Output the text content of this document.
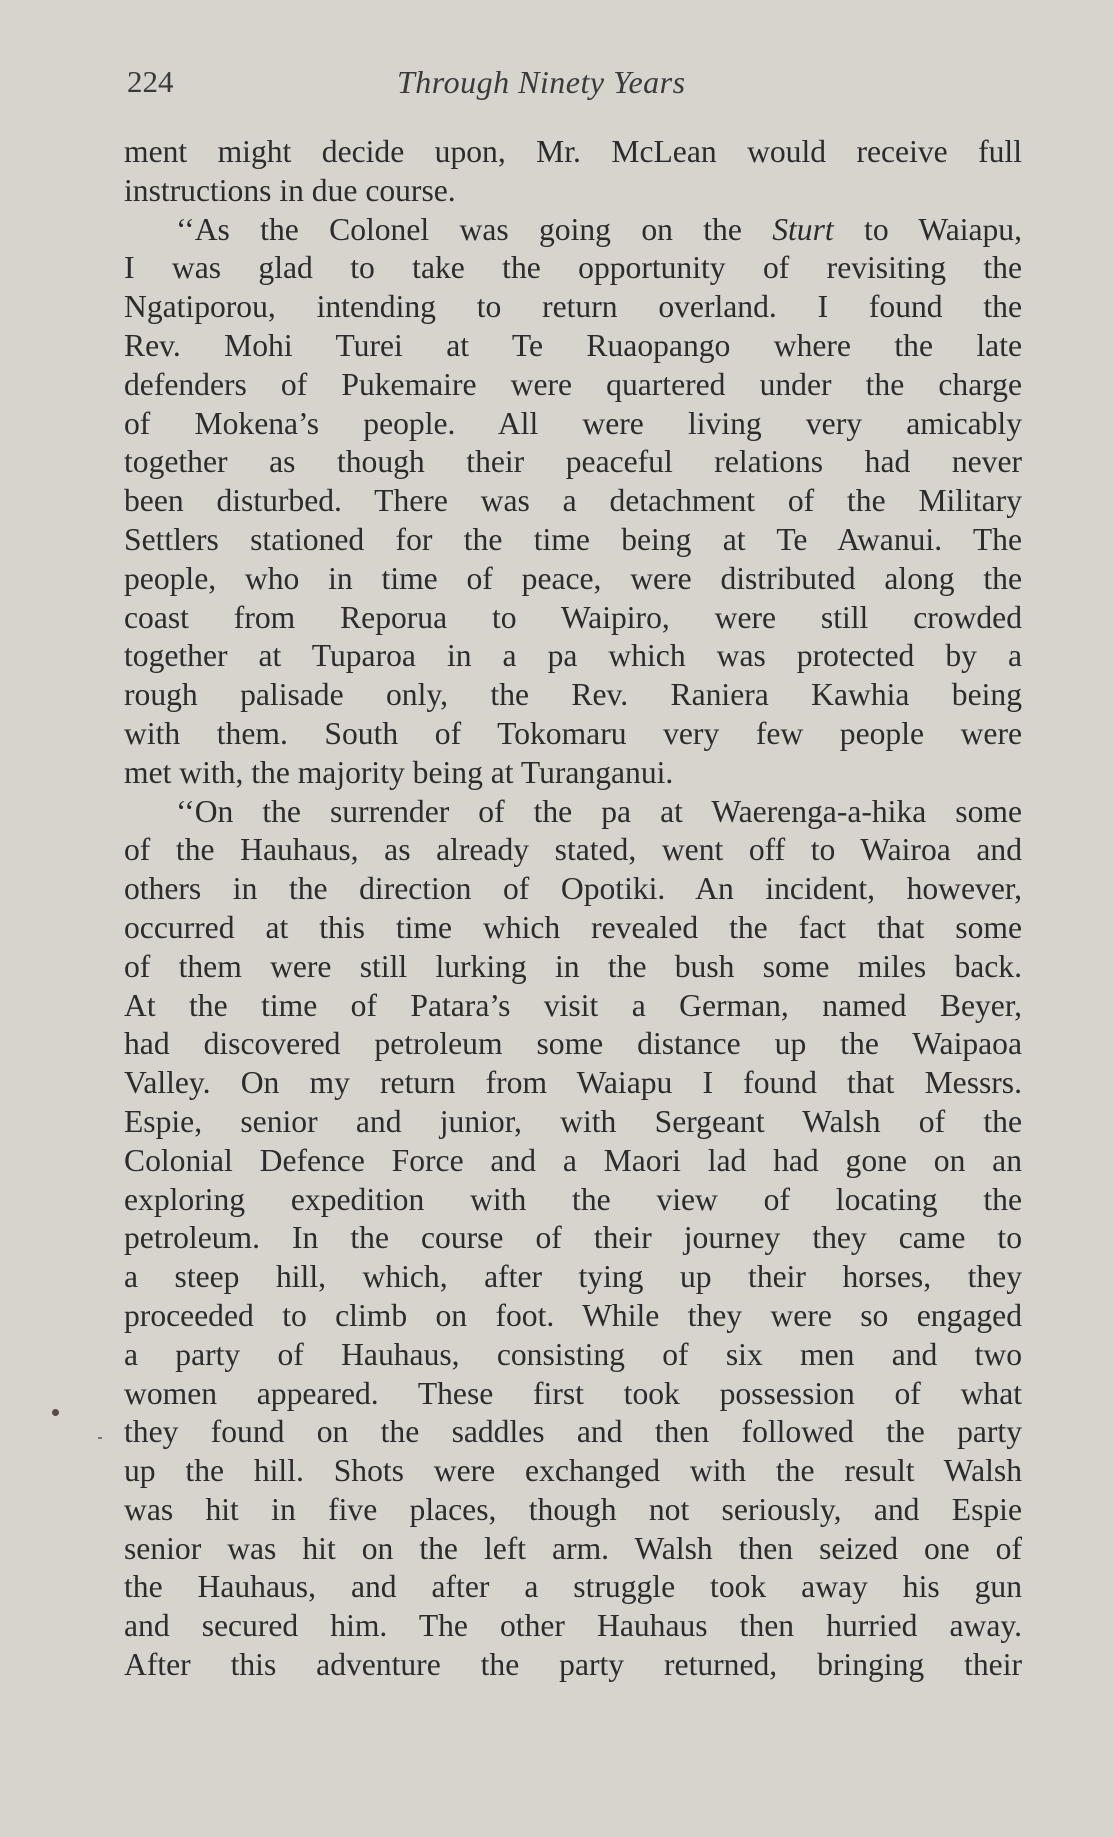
224	Through Ninety Years
ment might decide upon, Mr. McLean would receive full
instructions in due course.
‘‘As the Colonel was going on the Sturt to Waiapu,
I was glad to take the opportunity of revisiting the
Ngatiporou, intending to return overland. I found the
Rev. Mohi Turei at Te Ruaopango where the late
defenders of Pukemaire were quartered under the charge
of Mokena’s people. All were living very amicably
together as though their peaceful relations had never
been disturbed. There was a detachment of the Military
Settlers stationed for the time being at Te Awanui. The
people, who in time of peace, were distributed along the
coast from Reporua to Waipiro, were still crowded
together at Tuparoa in a pa which was protected by a
rough palisade only, the Rev. Raniera Kawhia being
with them. South of Tokomaru very few people were
met with, the majority being at Turanganui.
‘‘On the surrender of the pa at Waerenga-a-hika some
of the Hauhaus, as already stated, went off to Wairoa and
others in the direction of Opotiki. An incident, however,
occurred at this time which revealed the fact that some
of them were still lurking in the bush some miles back.
At the time of Patara’s visit a German, named Beyer,
had discovered petroleum some distance up the Waipaoa
Valley. On my return from Waiapu I found that Messrs.
Espie, senior and junior, with Sergeant Walsh of the
Colonial Defence Force and a Maori lad had gone on an
exploring expedition with the view of locating the
petroleum. In the course of their journey they came to
a steep hill, which, after tying up their horses, they
proceeded to climb on foot. While they were so engaged
a party of Hauhaus, consisting of six men and two
women appeared. These first took possession of what
they found on the saddles and then followed the party
up the hill. Shots were exchanged with the result Walsh
was hit in five places, though not seriously, and Espie
senior was hit on the left arm. Walsh then seized one of
the Hauhaus, and after a struggle took away his gun
and secured him. The other Hauhaus then hurried away.
After this adventure the party returned, bringing their
